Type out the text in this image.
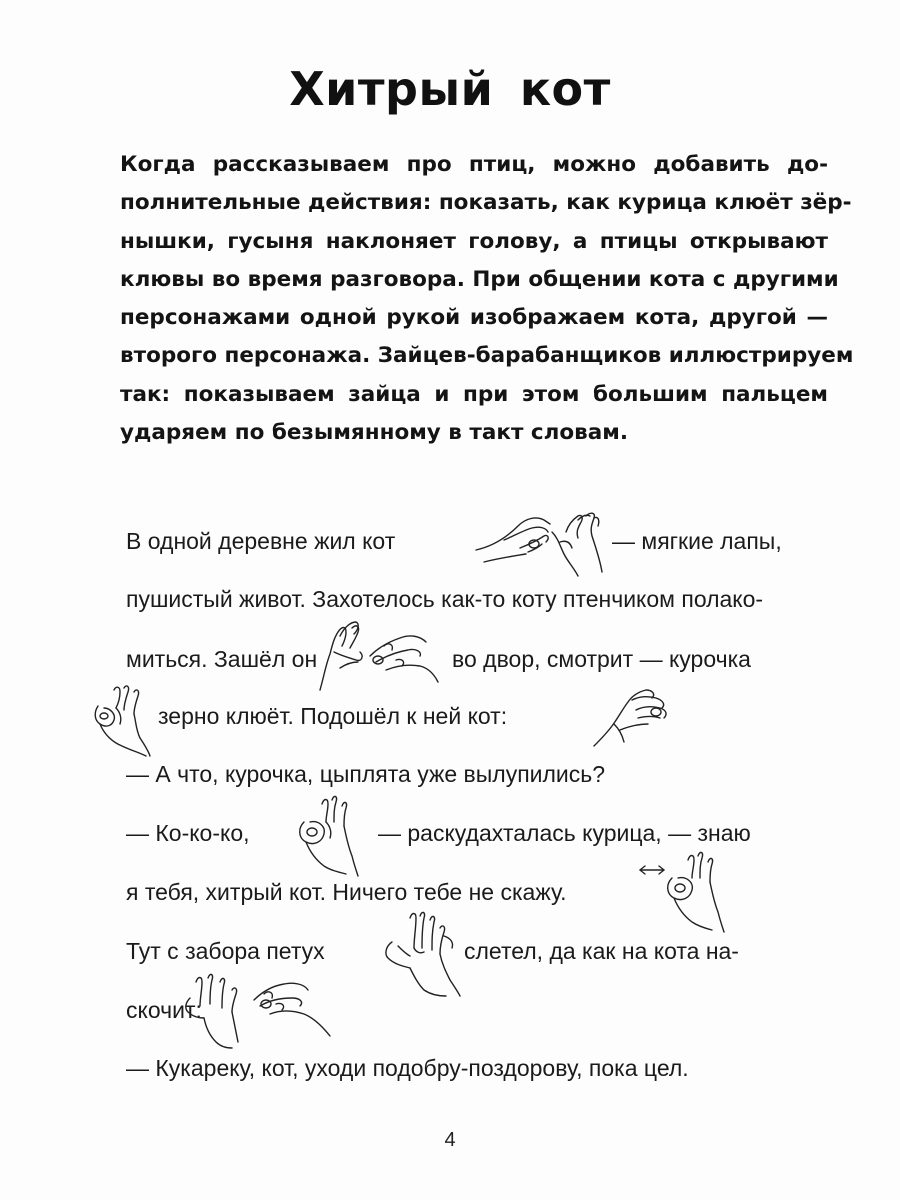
Хитрый кот
Когда рассказываем про птиц, можно добавить до-
полнительные действия: показать, как курица клюёт зёр-
нышки, гусыня наклоняет голову, а птицы открывают
клювы во время разговора. При общении кота с другими
персонажами одной рукой изображаем кота, другой —
второго персонажа. Зайцев-барабанщиков иллюстрируем
так: показываем зайца и при этом большим пальцем
ударяем по безымянному в такт словам.
В одной деревне жил кот	— мягкие лапы,
пушистый живот. Захотелось как-то коту птенчиком полако-
миться. Зашёл он	во двор, смотрит — курочка
зерно клюёт. Подошёл к ней кот:
— А что, курочка, цыплята уже вылупились?
— Ко-ко-ко,	— раскудахталась курица, — знаю
я тебя, хитрый кот. Ничего тебе не скажу.
Тут с забора петух	слетел, да как на кота на-
скочит:
— Кукареку, кот, уходи подобру-поздорову, пока цел.
4
